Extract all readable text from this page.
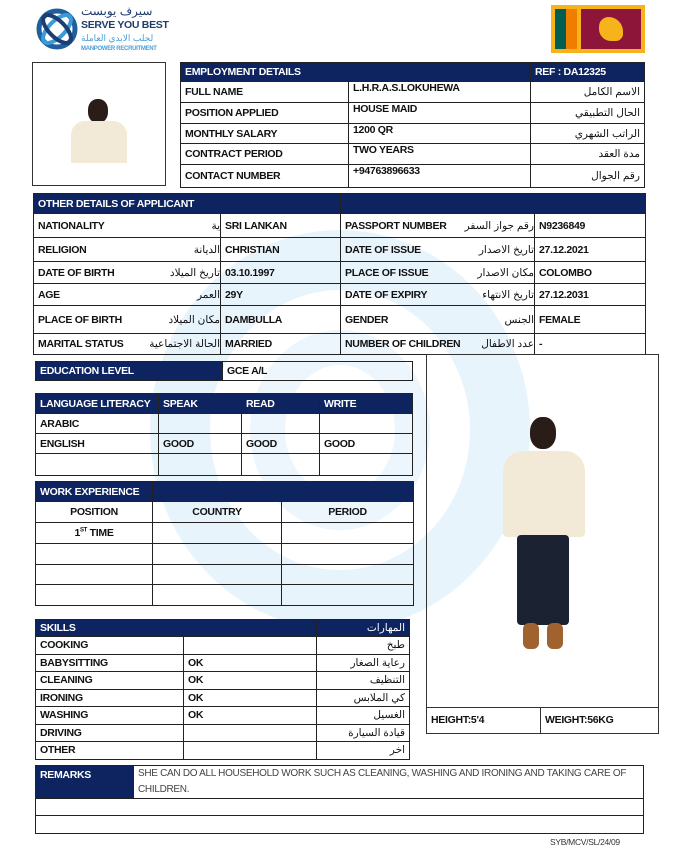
سيرف يوبست
SERVE YOU BEST
لجلب الايدي العاملة
MANPOWER RECRUITMENT
EMPLOYMENT DETAILS		REF : DA12325
FULL NAME	L.H.R.A.S.LOKUHEWA	الاسم الكامل
POSITION APPLIED	HOUSE MAID	الحال التطبيقي
MONTHLY SALARY	1200 QR	الراتب الشهري
CONTRACT PERIOD	TWO YEARS	مدة العقد
CONTACT NUMBER	+94763896633	رقم الجوال
OTHER DETAILS OF APPLICANT			

NATIONALITY ية	SRI LANKAN	PASSPORT NUMBER رقم جواز السفر	N9236849

RELIGION الديانة	CHRISTIAN	DATE OF ISSUE تاريخ الاصدار	27.12.2021

DATE OF BIRTH تاريخ الميلاد	03.10.1997	PLACE OF ISSUE مكان الاصدار	COLOMBO

AGE العمر	29Y	DATE OF EXPIRY تاريخ الانتهاء	27.12.2031

PLACE OF BIRTH مكان الميلاد	DAMBULLA	GENDER الجنس	FEMALE

MARITAL STATUS الحالة الاجتماعية	MARRIED	NUMBER OF CHILDREN عدد الاطفال	-
EDUCATION LEVEL	GCE A/L
LANGUAGE LITERACY	SPEAK	READ	WRITE
ARABIC			
ENGLISH	GOOD	GOOD	GOOD

WORK EXPERIENCE		
POSITION	COUNTRY	PERIOD
1ST TIME		

SKILLS		المهارات
COOKING		طبخ
BABYSITTING	OK	رعاية الصغار
CLEANING	OK	التنظيف
IRONING	OK	كي الملابس
WASHING	OK	الغسيل
DRIVING		قيادة السيارة
OTHER		اخر
HEIGHT:5'4	WEIGHT:56KG
REMARKS	SHE CAN DO ALL HOUSEHOLD WORK SUCH AS CLEANING, WASHING AND IRONING AND TAKING CARE OF CHILDREN.

SYB/MCV/SL/24/09
